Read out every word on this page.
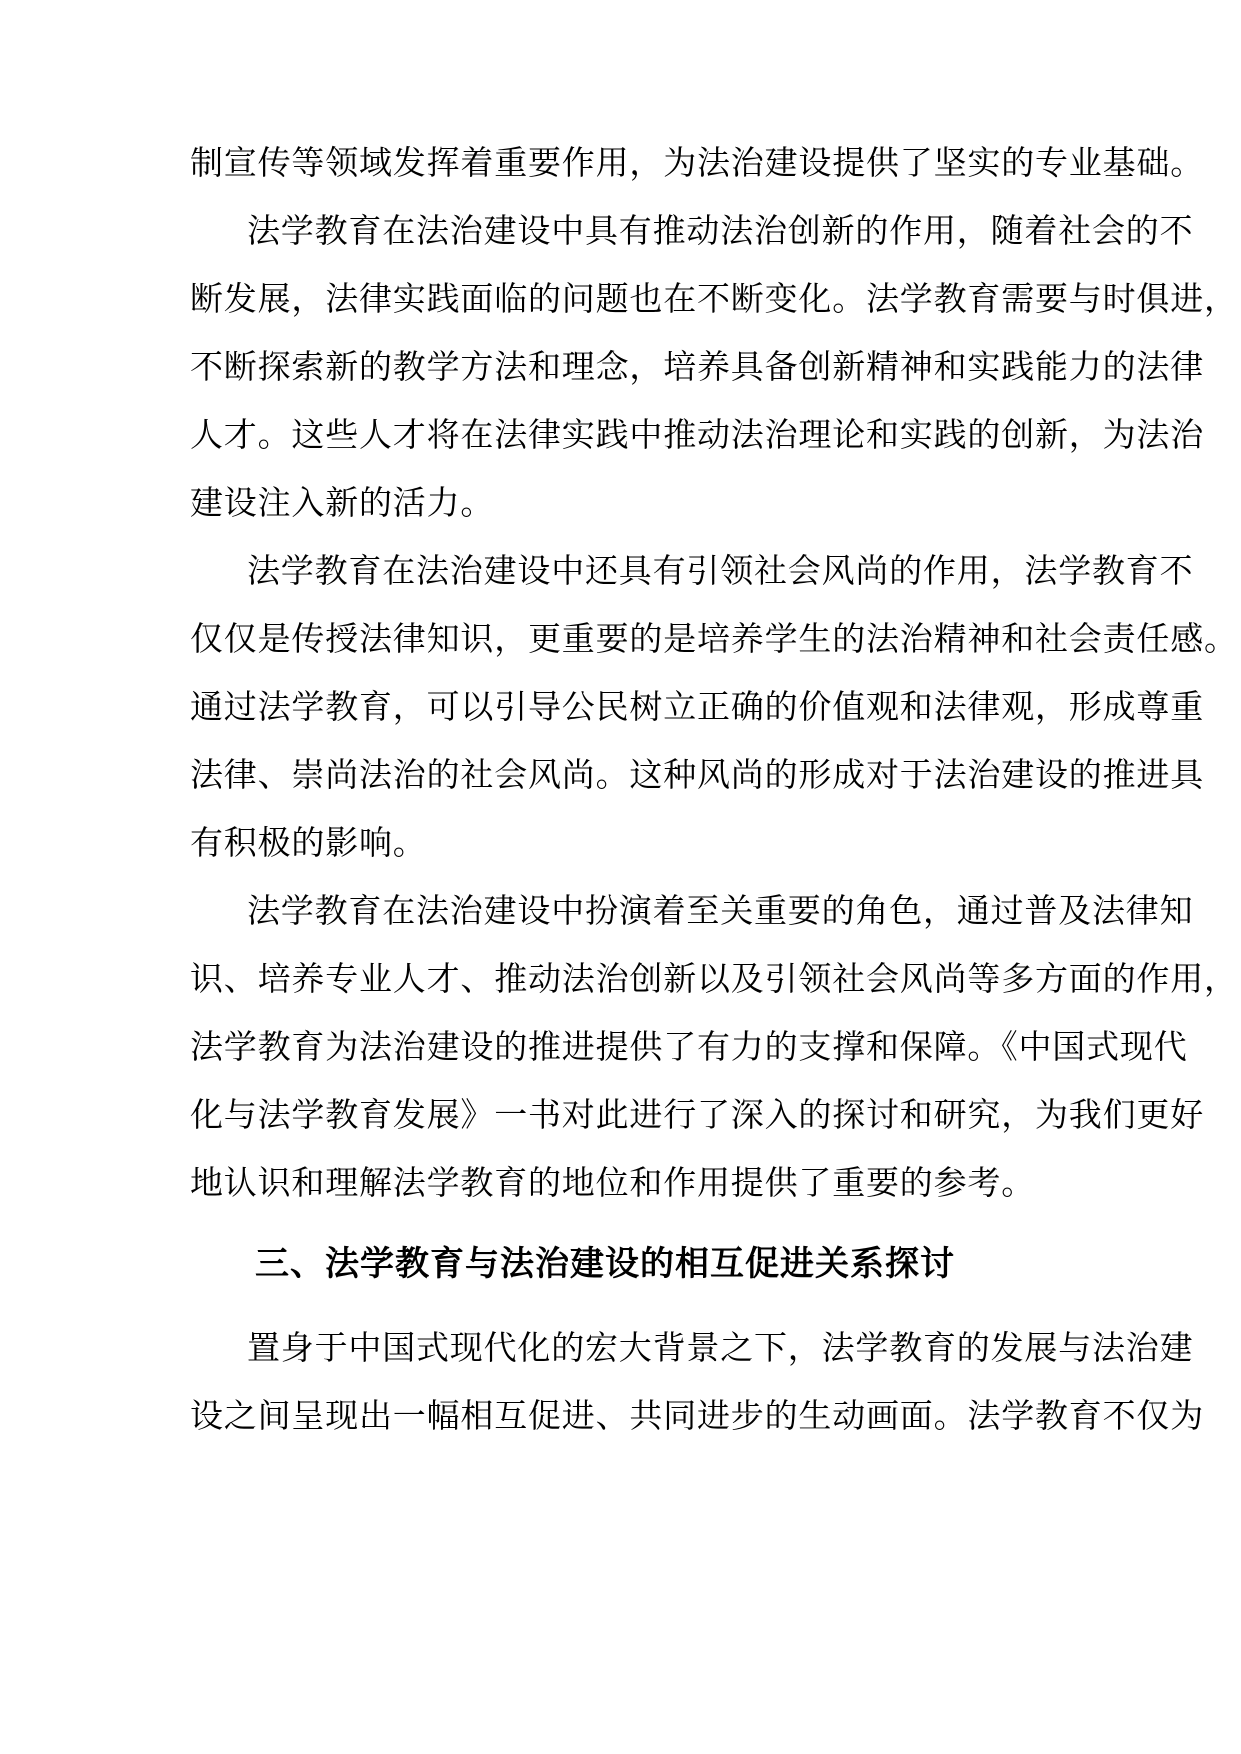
制宣传等领域发挥着重要作用，为法治建设提供了坚实的专业基础。
法学教育在法治建设中具有推动法治创新的作用，随着社会的不
断发展，法律实践面临的问题也在不断变化。法学教育需要与时俱进，
不断探索新的教学方法和理念，培养具备创新精神和实践能力的法律
人才。这些人才将在法律实践中推动法治理论和实践的创新，为法治
建设注入新的活力。
法学教育在法治建设中还具有引领社会风尚的作用，法学教育不
仅仅是传授法律知识，更重要的是培养学生的法治精神和社会责任感。
通过法学教育，可以引导公民树立正确的价值观和法律观，形成尊重
法律、崇尚法治的社会风尚。这种风尚的形成对于法治建设的推进具
有积极的影响。
法学教育在法治建设中扮演着至关重要的角色，通过普及法律知
识、培养专业人才、推动法治创新以及引领社会风尚等多方面的作用，
法学教育为法治建设的推进提供了有力的支撑和保障。《中国式现代
化与法学教育发展》一书对此进行了深入的探讨和研究，为我们更好
地认识和理解法学教育的地位和作用提供了重要的参考。
三、法学教育与法治建设的相互促进关系探讨
置身于中国式现代化的宏大背景之下，法学教育的发展与法治建
设之间呈现出一幅相互促进、共同进步的生动画面。法学教育不仅为
